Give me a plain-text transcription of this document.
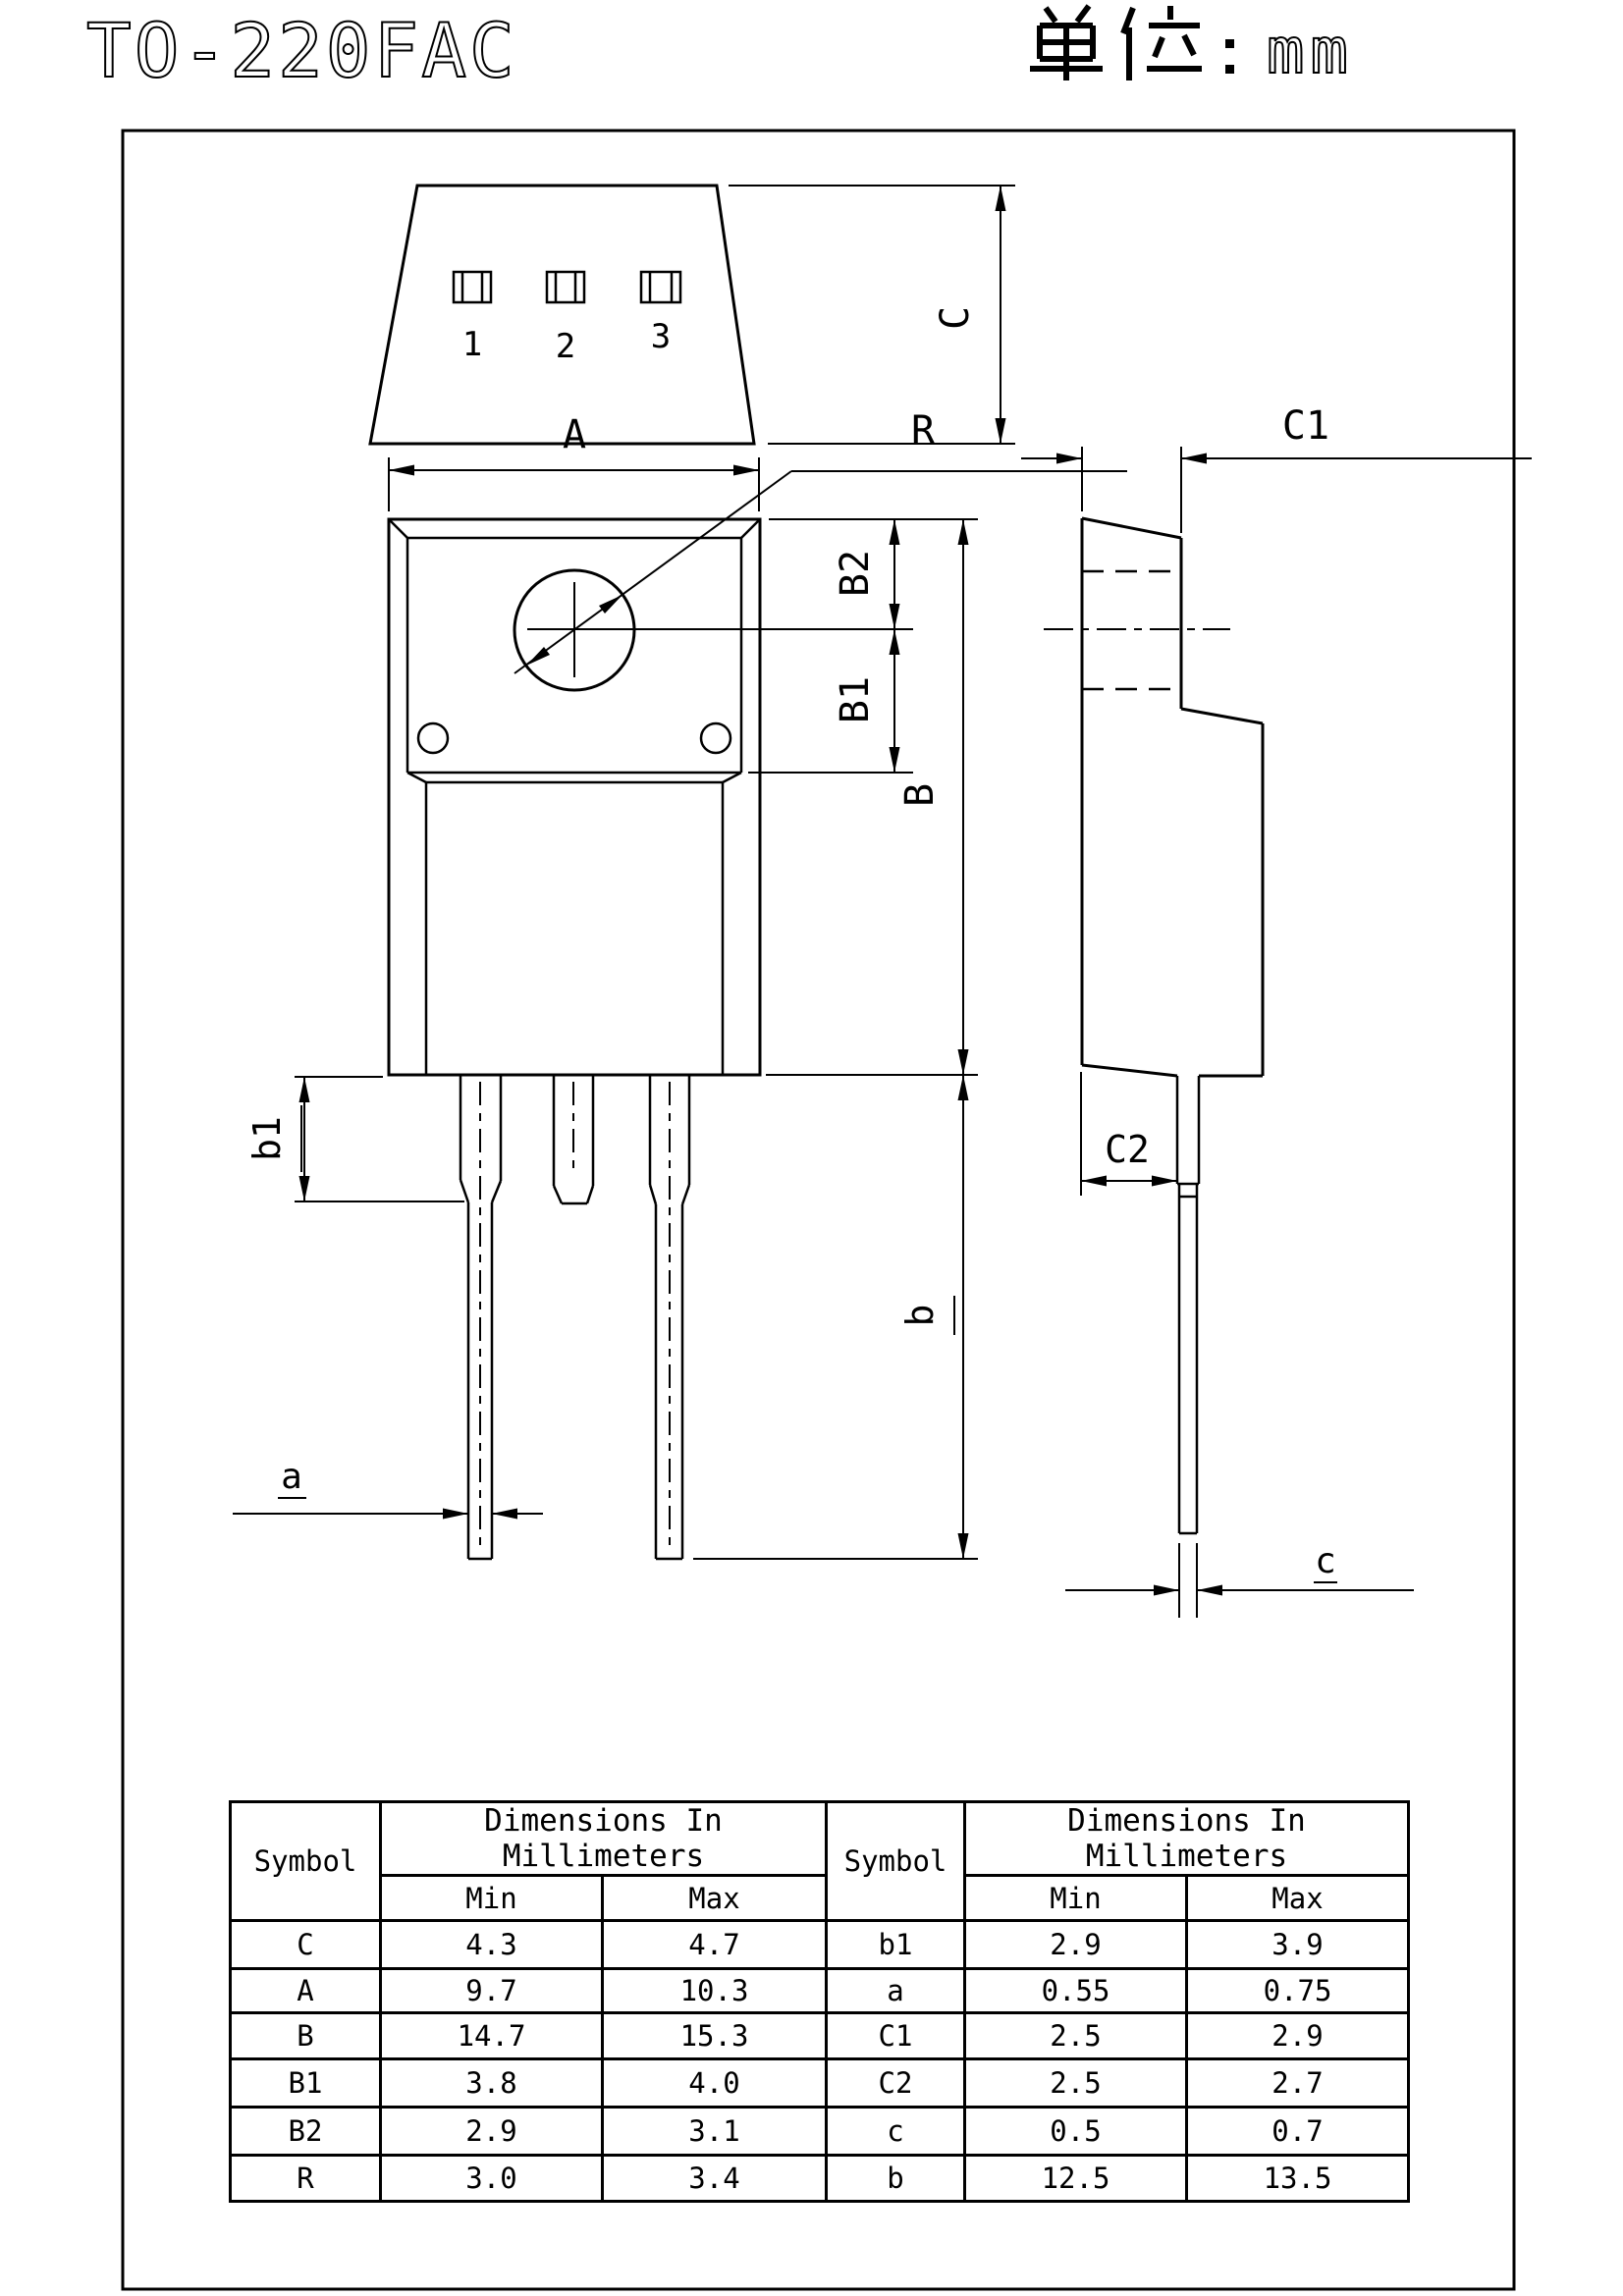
TO-220FAC	mm
1 2 3	C
A	R
B2
B1
B
b
b1
a
C1
C2
c
Symbol	Dimensions In Millimeters		Symbol	Dimensions In Millimeters	
	Min	Max		Min	Max
C	4.3	4.7	b1	2.9	3.9
A	9.7	10.3	a	0.55	0.75
B	14.7	15.3	C1	2.5	2.9
B1	3.8	4.0	C2	2.5	2.7
B2	2.9	3.1	c	0.5	0.7
R	3.0	3.4	b	12.5	13.5
